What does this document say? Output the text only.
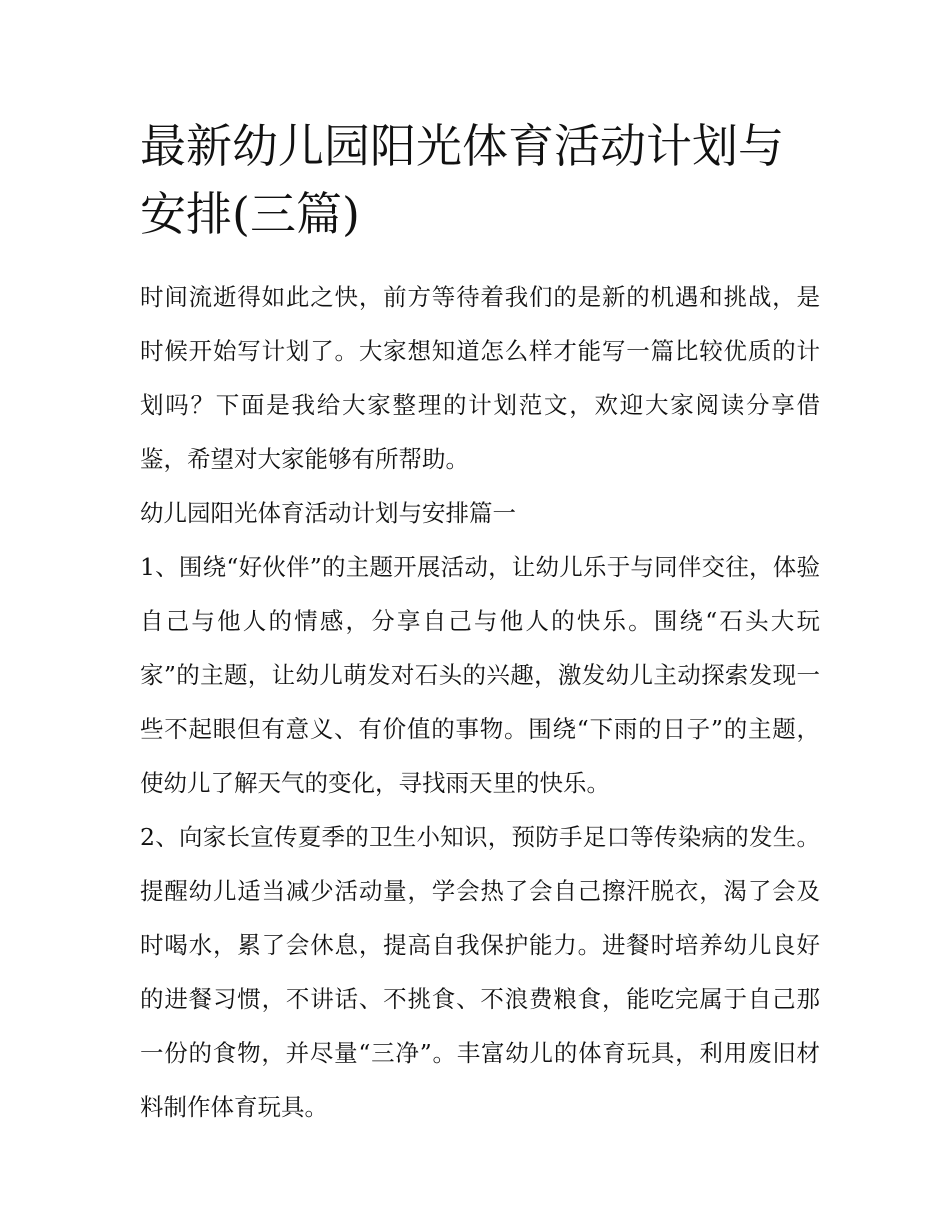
最新幼儿园阳光体育活动计划与安排(三篇)

时间流逝得如此之快，前方等待着我们的是新的机遇和挑战，是时候开始写计划了。大家想知道怎么样才能写一篇比较优质的计划吗？下面是我给大家整理的计划范文，欢迎大家阅读分享借鉴，希望对大家能够有所帮助。

幼儿园阳光体育活动计划与安排篇一

1、围绕“好伙伴”的主题开展活动，让幼儿乐于与同伴交往，体验自己与他人的情感，分享自己与他人的快乐。围绕“石头大玩家”的主题，让幼儿萌发对石头的兴趣，激发幼儿主动探索发现一些不起眼但有意义、有价值的事物。围绕“下雨的日子”的主题，使幼儿了解天气的变化，寻找雨天里的快乐。

2、向家长宣传夏季的卫生小知识，预防手足口等传染病的发生。提醒幼儿适当减少活动量，学会热了会自己擦汗脱衣，渴了会及时喝水，累了会休息，提高自我保护能力。进餐时培养幼儿良好的进餐习惯，不讲话、不挑食、不浪费粮食，能吃完属于自己那一份的食物，并尽量“三净”。丰富幼儿的体育玩具，利用废旧材料制作体育玩具。
